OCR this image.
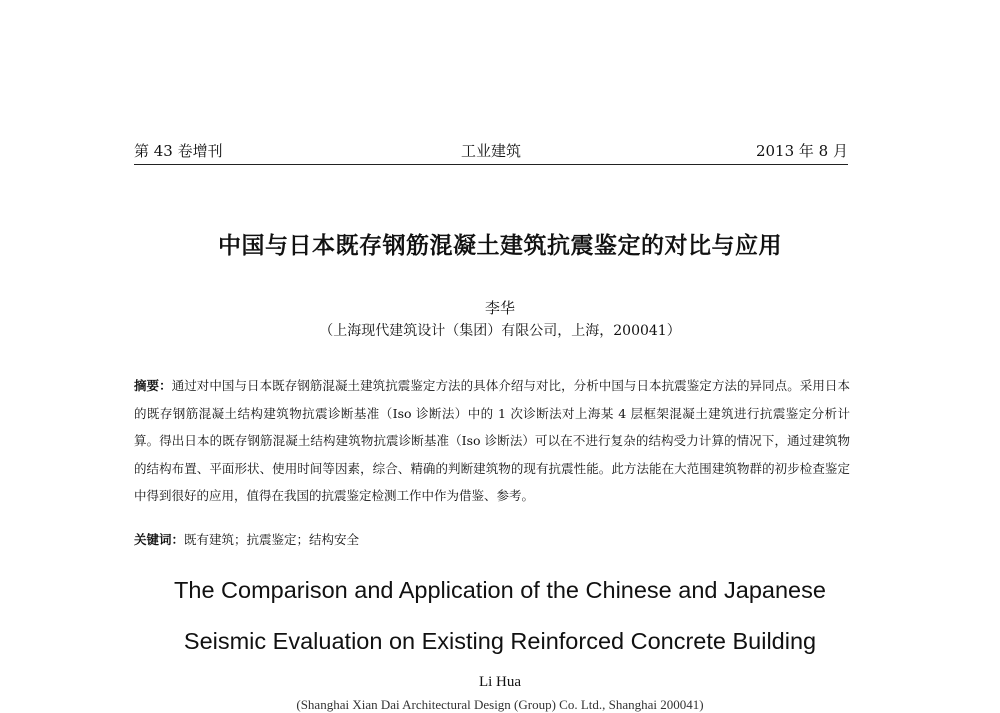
第 43 卷增刊	工业建筑	2013 年 8 月
中国与日本既存钢筋混凝土建筑抗震鉴定的对比与应用
李华
（上海现代建筑设计（集团）有限公司，上海，200041）
摘要：通过对中国与日本既存钢筋混凝土建筑抗震鉴定方法的具体介绍与对比，分析中国与日本抗震鉴定方法的异同点。采用日本的既存钢筋混凝土结构建筑物抗震诊断基准（Iso 诊断法）中的 1 次诊断法对上海某 4 层框架混凝土建筑进行抗震鉴定分析计算。得出日本的既存钢筋混凝土结构建筑物抗震诊断基准（Iso 诊断法）可以在不进行复杂的结构受力计算的情况下，通过建筑物的结构布置、平面形状、使用时间等因素，综合、精确的判断建筑物的现有抗震性能。此方法能在大范围建筑物群的初步检查鉴定中得到很好的应用，值得在我国的抗震鉴定检测工作中作为借鉴、参考。
关键词：既有建筑；抗震鉴定；结构安全
The Comparison and Application of the Chinese and Japanese
Seismic Evaluation on Existing Reinforced Concrete Building
Li Hua
(Shanghai Xian Dai Architectural Design (Group) Co. Ltd., Shanghai 200041)
